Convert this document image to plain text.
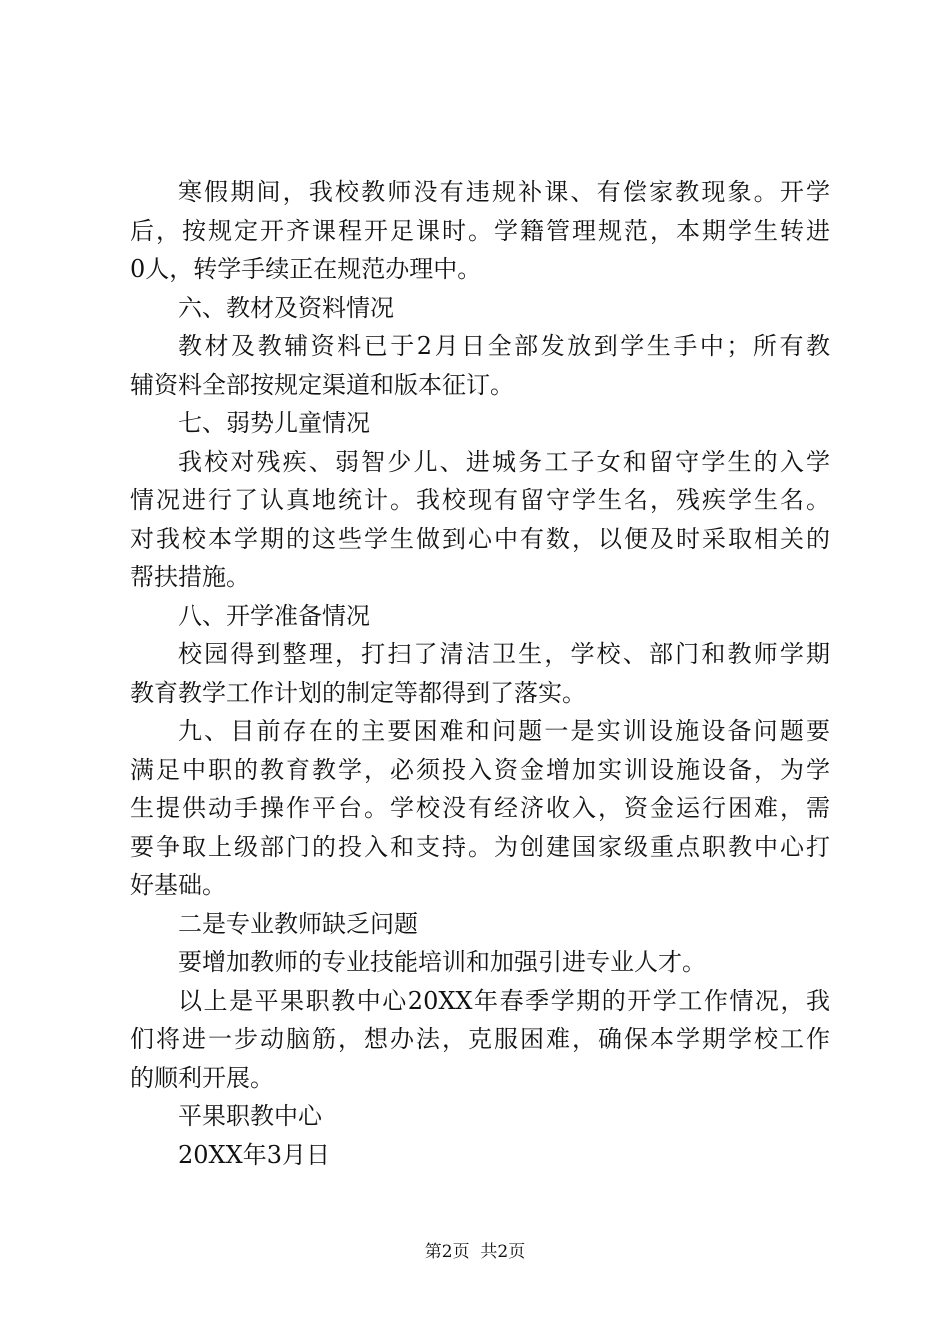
寒假期间，我校教师没有违规补课、有偿家教现象。开学
后，按规定开齐课程开足课时。学籍管理规范，本期学生转进
0人，转学手续正在规范办理中。
六、教材及资料情况
教材及教辅资料已于2月日全部发放到学生手中；所有教
辅资料全部按规定渠道和版本征订。
七、弱势儿童情况
我校对残疾、弱智少儿、进城务工子女和留守学生的入学
情况进行了认真地统计。我校现有留守学生名，残疾学生名。
对我校本学期的这些学生做到心中有数，以便及时采取相关的
帮扶措施。
八、开学准备情况
校园得到整理，打扫了清洁卫生，学校、部门和教师学期
教育教学工作计划的制定等都得到了落实。
九、目前存在的主要困难和问题一是实训设施设备问题要
满足中职的教育教学，必须投入资金增加实训设施设备，为学
生提供动手操作平台。学校没有经济收入，资金运行困难，需
要争取上级部门的投入和支持。为创建国家级重点职教中心打
好基础。
二是专业教师缺乏问题
要增加教师的专业技能培训和加强引进专业人才。
以上是平果职教中心20XX年春季学期的开学工作情况，我
们将进一步动脑筋，想办法，克服困难，确保本学期学校工作
的顺利开展。
平果职教中心
20XX年3月日
第2页  共2页
